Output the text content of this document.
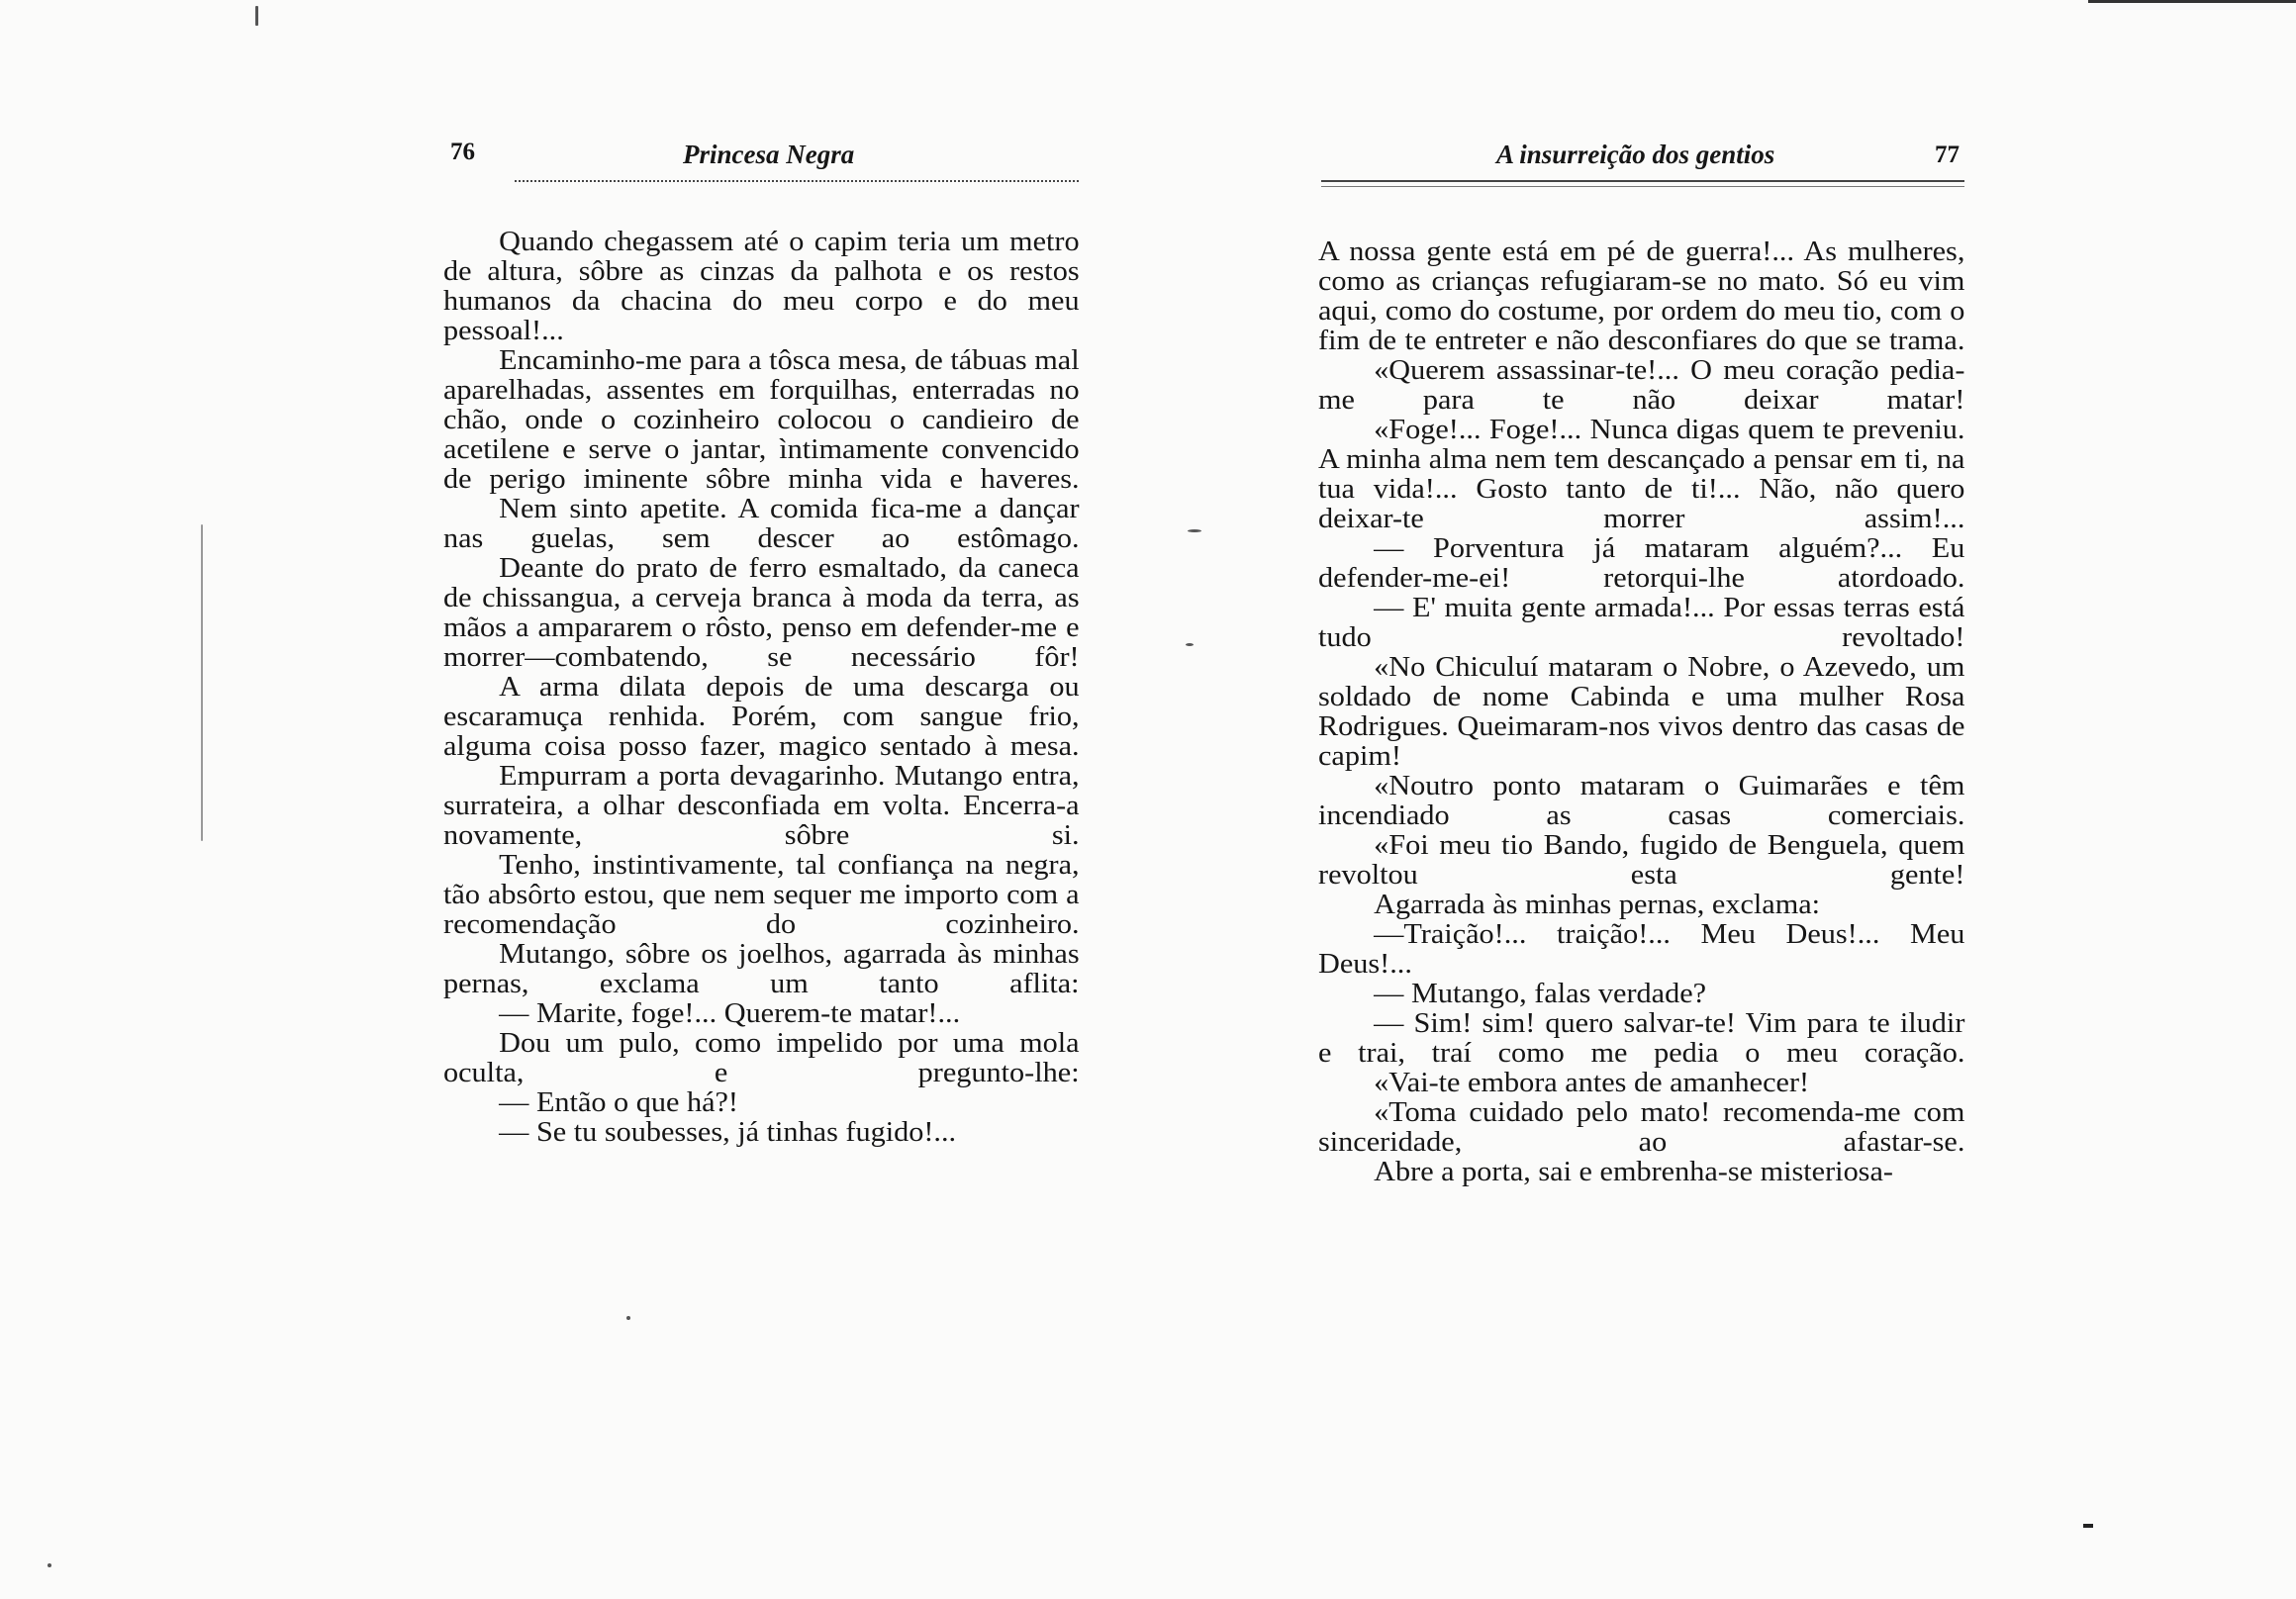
76	Princesa Negra

Quando chegassem até o capim teria um metro de altura, sôbre as cinzas da palhota e os restos humanos da chacina do meu corpo e do meu pessoal!...

Encaminho-me para a tôsca mesa, de tábuas mal aparelhadas, assentes em forquilhas, enterradas no chão, onde o cozinheiro colocou o candieiro de acetilene e serve o jantar, ìntimamente convencido de perigo iminente sôbre minha vida e haveres.

Nem sinto apetite. A comida fica-me a dançar nas guelas, sem descer ao estômago.

Deante do prato de ferro esmaltado, da caneca de chissangua, a cerveja branca à moda da terra, as mãos a ampararem o rôsto, penso em defender-me e morrer—combatendo, se necessário fôr!

A arma dilata depois de uma descarga ou escaramuça renhida. Porém, com sangue frio, alguma coisa posso fazer, magico sentado à mesa.

Empurram a porta devagarinho. Mutango entra, surrateira, a olhar desconfiada em volta. Encerra-a novamente, sôbre si.

Tenho, instintivamente, tal confiança na negra, tão absôrto estou, que nem sequer me importo com a recomendação do cozinheiro.

Mutango, sôbre os joelhos, agarrada às minhas pernas, exclama um tanto aflita:

— Marite, foge!... Querem-te matar!...

Dou um pulo, como impelido por uma mola oculta, e pregunto-lhe:

— Então o que há?!

— Se tu soubesses, já tinhas fugido!...

A insurreição dos gentios	77

A nossa gente está em pé de guerra!... As mulheres, como as crianças refugiaram-se no mato. Só eu vim aqui, como do costume, por ordem do meu tio, com o fim de te entreter e não desconfiares do que se trama.

«Querem assassinar-te!... O meu coração pedia-me para te não deixar matar!

«Foge!... Foge!... Nunca digas quem te preveniu. A minha alma nem tem descançado a pensar em ti, na tua vida!... Gosto tanto de ti!... Não, não quero deixar-te morrer assim!...

— Porventura já mataram alguém?... Eu defender-me-ei! retorqui-lhe atordoado.

— E' muita gente armada!... Por essas terras está tudo revoltado!

«No Chiculuí mataram o Nobre, o Azevedo, um soldado de nome Cabinda e uma mulher Rosa Rodrigues. Queimaram-nos vivos dentro das casas de capim!

«Noutro ponto mataram o Guimarães e têm incendiado as casas comerciais.

«Foi meu tio Bando, fugido de Benguela, quem revoltou esta gente!

Agarrada às minhas pernas, exclama:

—Traição!... traição!... Meu Deus!... Meu Deus!...

— Mutango, falas verdade?

— Sim! sim! quero salvar-te! Vim para te iludir e trai, traí como me pedia o meu coração.

«Vai-te embora antes de amanhecer!

«Toma cuidado pelo mato! recomenda-me com sinceridade, ao afastar-se.

Abre a porta, sai e embrenha-se misteriosa-
